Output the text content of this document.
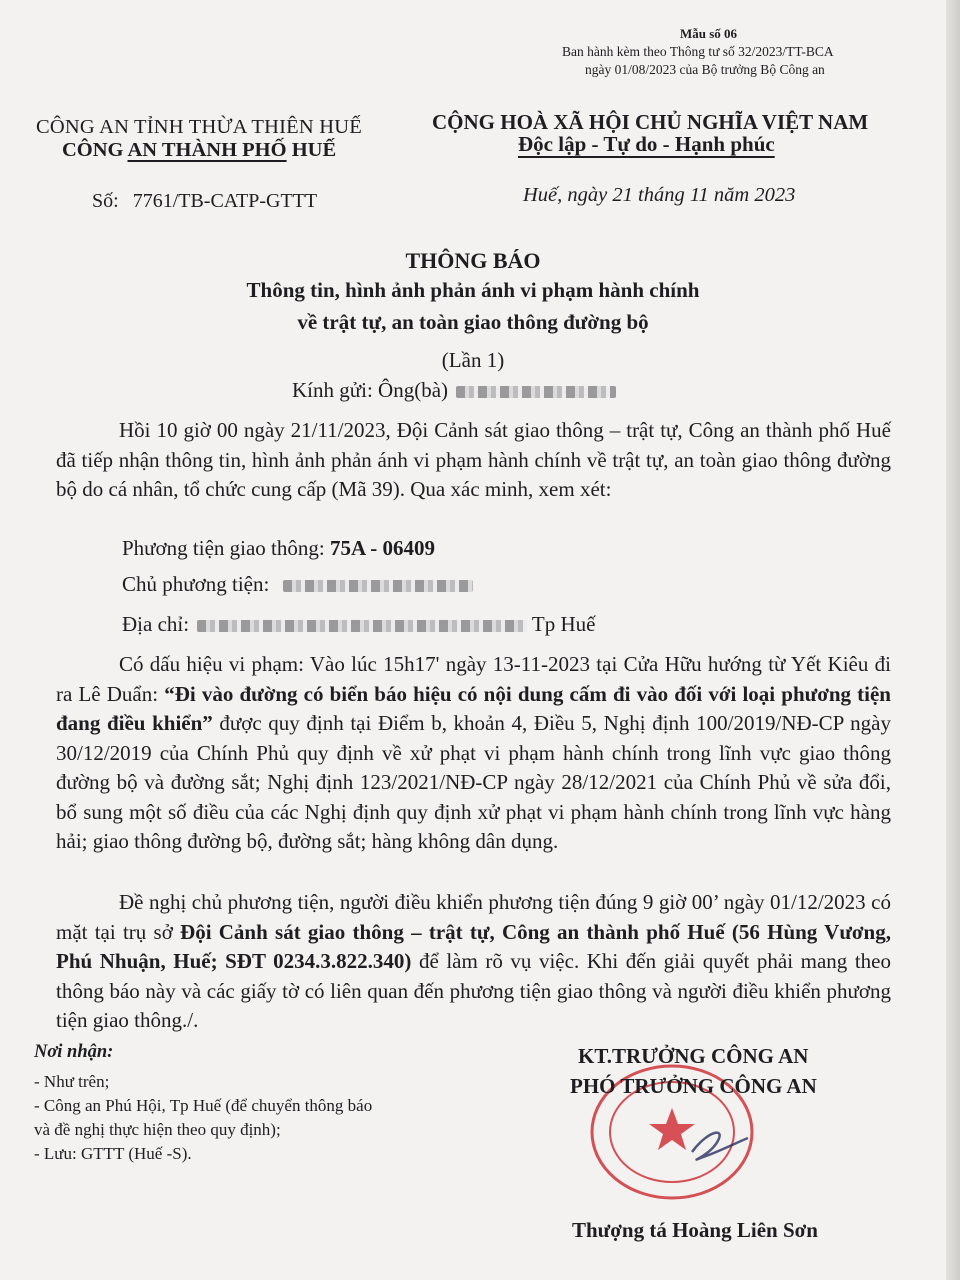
Mẫu số 06
Ban hành kèm theo Thông tư số 32/2023/TT-BCA
ngày 01/08/2023 của Bộ trưởng Bộ Công an
CÔNG AN TỈNH THỪA THIÊN HUẾ
CÔNG AN THÀNH PHỐ HUẾ
CỘNG HOÀ XÃ HỘI CHỦ NGHĨA VIỆT NAM
Độc lập - Tự do - Hạnh phúc
Số: 7761/TB-CATP-GTTT	Huế, ngày 21 tháng 11 năm 2023
THÔNG BÁO
Thông tin, hình ảnh phản ánh vi phạm hành chính
về trật tự, an toàn giao thông đường bộ
(Lần 1)
Kính gửi: Ông(bà)
Hồi 10 giờ 00 ngày 21/11/2023, Đội Cảnh sát giao thông – trật tự, Công an thành phố Huế đã tiếp nhận thông tin, hình ảnh phản ánh vi phạm hành chính về trật tự, an toàn giao thông đường bộ do cá nhân, tổ chức cung cấp (Mã 39). Qua xác minh, xem xét:
Phương tiện giao thông: 75A - 06409
Chủ phương tiện:
Địa chỉ:	Tp Huế
Có dấu hiệu vi phạm: Vào lúc 15h17' ngày 13-11-2023 tại Cửa Hữu hướng từ Yết Kiêu đi ra Lê Duẩn: “Đi vào đường có biển báo hiệu có nội dung cấm đi vào đối với loại phương tiện đang điều khiển” được quy định tại Điểm b, khoản 4, Điều 5, Nghị định 100/2019/NĐ-CP ngày 30/12/2019 của Chính Phủ quy định về xử phạt vi phạm hành chính trong lĩnh vực giao thông đường bộ và đường sắt; Nghị định 123/2021/NĐ-CP ngày 28/12/2021 của Chính Phủ về sửa đổi, bổ sung một số điều của các Nghị định quy định xử phạt vi phạm hành chính trong lĩnh vực hàng hải; giao thông đường bộ, đường sắt; hàng không dân dụng.
Đề nghị chủ phương tiện, người điều khiển phương tiện đúng 9 giờ 00’ ngày 01/12/2023 có mặt tại trụ sở Đội Cảnh sát giao thông – trật tự, Công an thành phố Huế (56 Hùng Vương, Phú Nhuận, Huế; SĐT 0234.3.822.340) để làm rõ vụ việc. Khi đến giải quyết phải mang theo thông báo này và các giấy tờ có liên quan đến phương tiện giao thông và người điều khiển phương tiện giao thông./.
Nơi nhận:
- Như trên;
- Công an Phú Hội, Tp Huế (để chuyển thông báo
và đề nghị thực hiện theo quy định);
- Lưu: GTTT (Huế -S).
KT.TRƯỞNG CÔNG AN
PHÓ TRƯỞNG CÔNG AN
Thượng tá Hoàng Liên Sơn
